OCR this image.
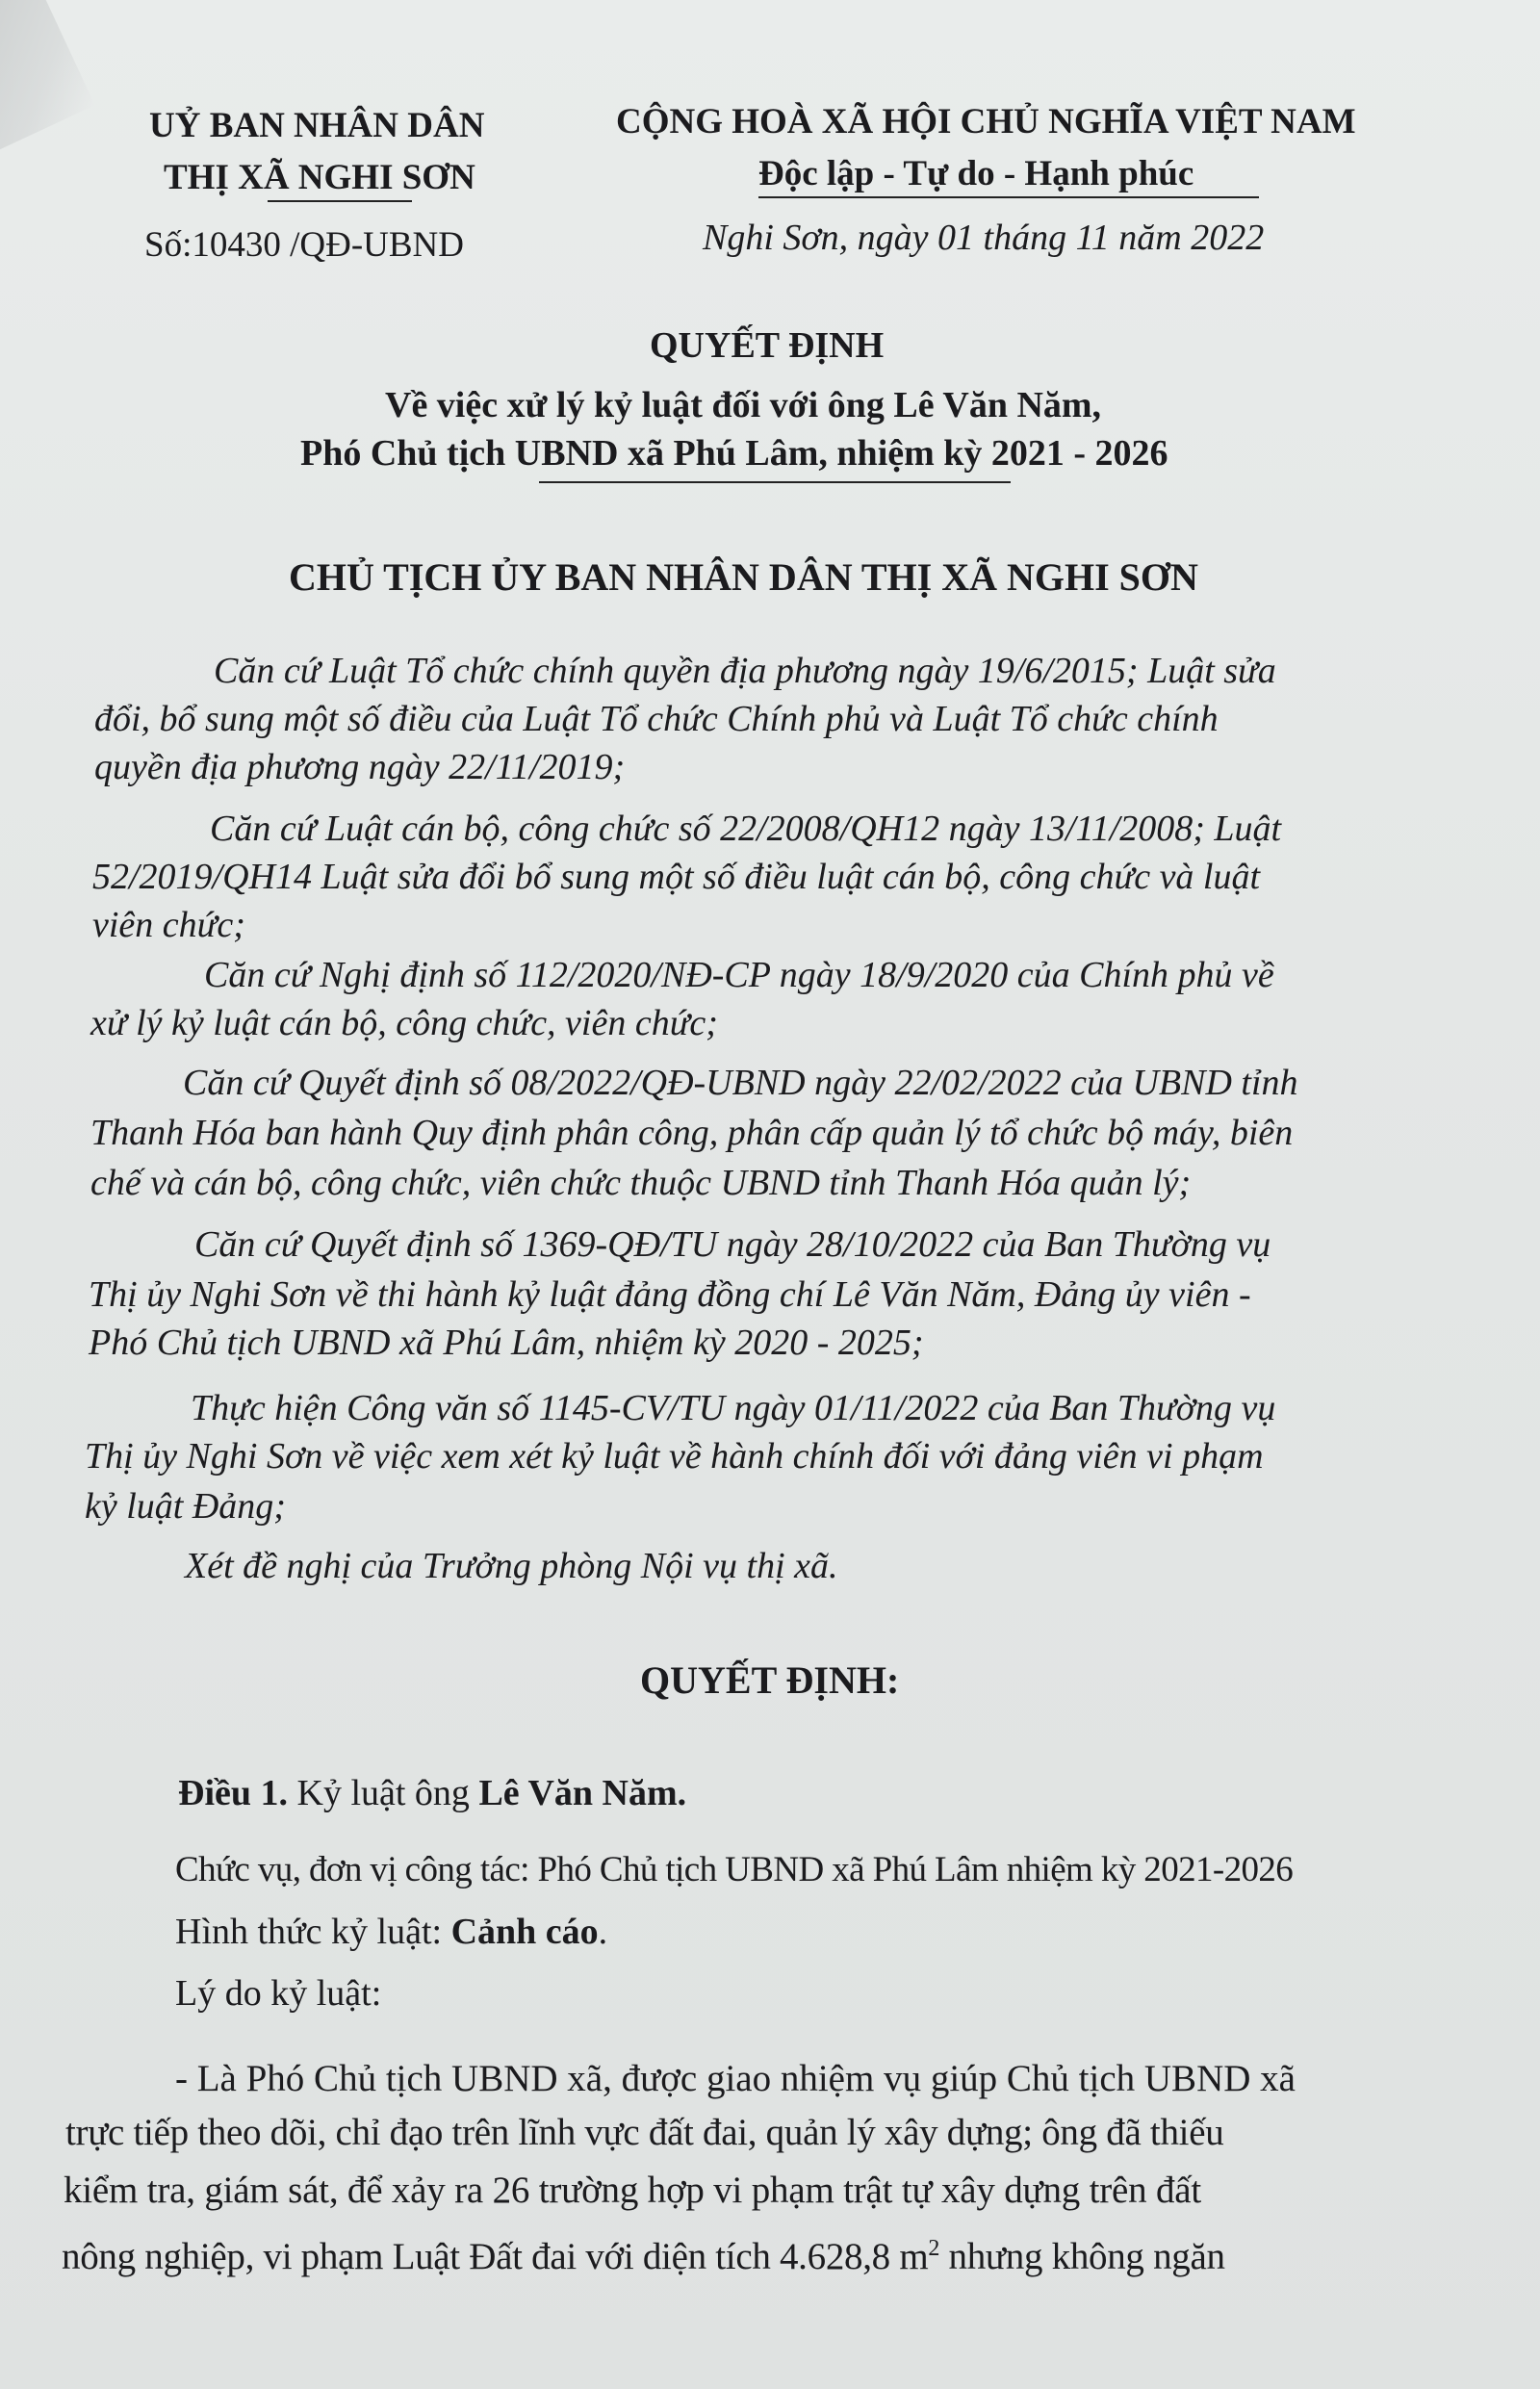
UỶ BAN NHÂN DÂN
THỊ XÃ NGHI SƠN
Số:10430 /QĐ-UBND
CỘNG HOÀ XÃ HỘI CHỦ NGHĨA VIỆT NAM
Độc lập - Tự do - Hạnh phúc
Nghi Sơn, ngày 01 tháng 11 năm 2022
QUYẾT ĐỊNH
Về việc xử lý kỷ luật đối với ông Lê Văn Năm,
Phó Chủ tịch UBND xã Phú Lâm, nhiệm kỳ 2021 - 2026
CHỦ TỊCH ỦY BAN NHÂN DÂN THỊ XÃ NGHI SƠN
Căn cứ Luật Tổ chức chính quyền địa phương ngày 19/6/2015; Luật sửa
đổi, bổ sung một số điều của Luật Tổ chức Chính phủ và Luật Tổ chức chính
quyền địa phương ngày 22/11/2019;
Căn cứ Luật cán bộ, công chức số 22/2008/QH12 ngày 13/11/2008; Luật
52/2019/QH14 Luật sửa đổi bổ sung một số điều luật cán bộ, công chức và luật
viên chức;
Căn cứ Nghị định số 112/2020/NĐ-CP ngày 18/9/2020 của Chính phủ về
xử lý kỷ luật cán bộ, công chức, viên chức;
Căn cứ Quyết định số 08/2022/QĐ-UBND ngày 22/02/2022 của UBND tỉnh
Thanh Hóa ban hành Quy định phân công, phân cấp quản lý tổ chức bộ máy, biên
chế và cán bộ, công chức, viên chức thuộc UBND tỉnh Thanh Hóa quản lý;
Căn cứ Quyết định số 1369-QĐ/TU ngày 28/10/2022 của Ban Thường vụ
Thị ủy Nghi Sơn về thi hành kỷ luật đảng đồng chí Lê Văn Năm, Đảng ủy viên -
Phó Chủ tịch UBND xã Phú Lâm, nhiệm kỳ 2020 - 2025;
Thực hiện Công văn số 1145-CV/TU ngày 01/11/2022 của Ban Thường vụ
Thị ủy Nghi Sơn về việc xem xét kỷ luật về hành chính đối với đảng viên vi phạm
kỷ luật Đảng;
Xét đề nghị của Trưởng phòng Nội vụ thị xã.
QUYẾT ĐỊNH:
Điều 1. Kỷ luật ông Lê Văn Năm.
Chức vụ, đơn vị công tác: Phó Chủ tịch UBND xã Phú Lâm nhiệm kỳ 2021-2026
Hình thức kỷ luật: Cảnh cáo.
Lý do kỷ luật:
- Là Phó Chủ tịch UBND xã, được giao nhiệm vụ giúp Chủ tịch UBND xã
trực tiếp theo dõi, chỉ đạo trên lĩnh vực đất đai, quản lý xây dựng; ông đã thiếu
kiểm tra, giám sát, để xảy ra 26 trường hợp vi phạm trật tự xây dựng trên đất
nông nghiệp, vi phạm Luật Đất đai với diện tích 4.628,8 $m^2$ nhưng không ngăn
